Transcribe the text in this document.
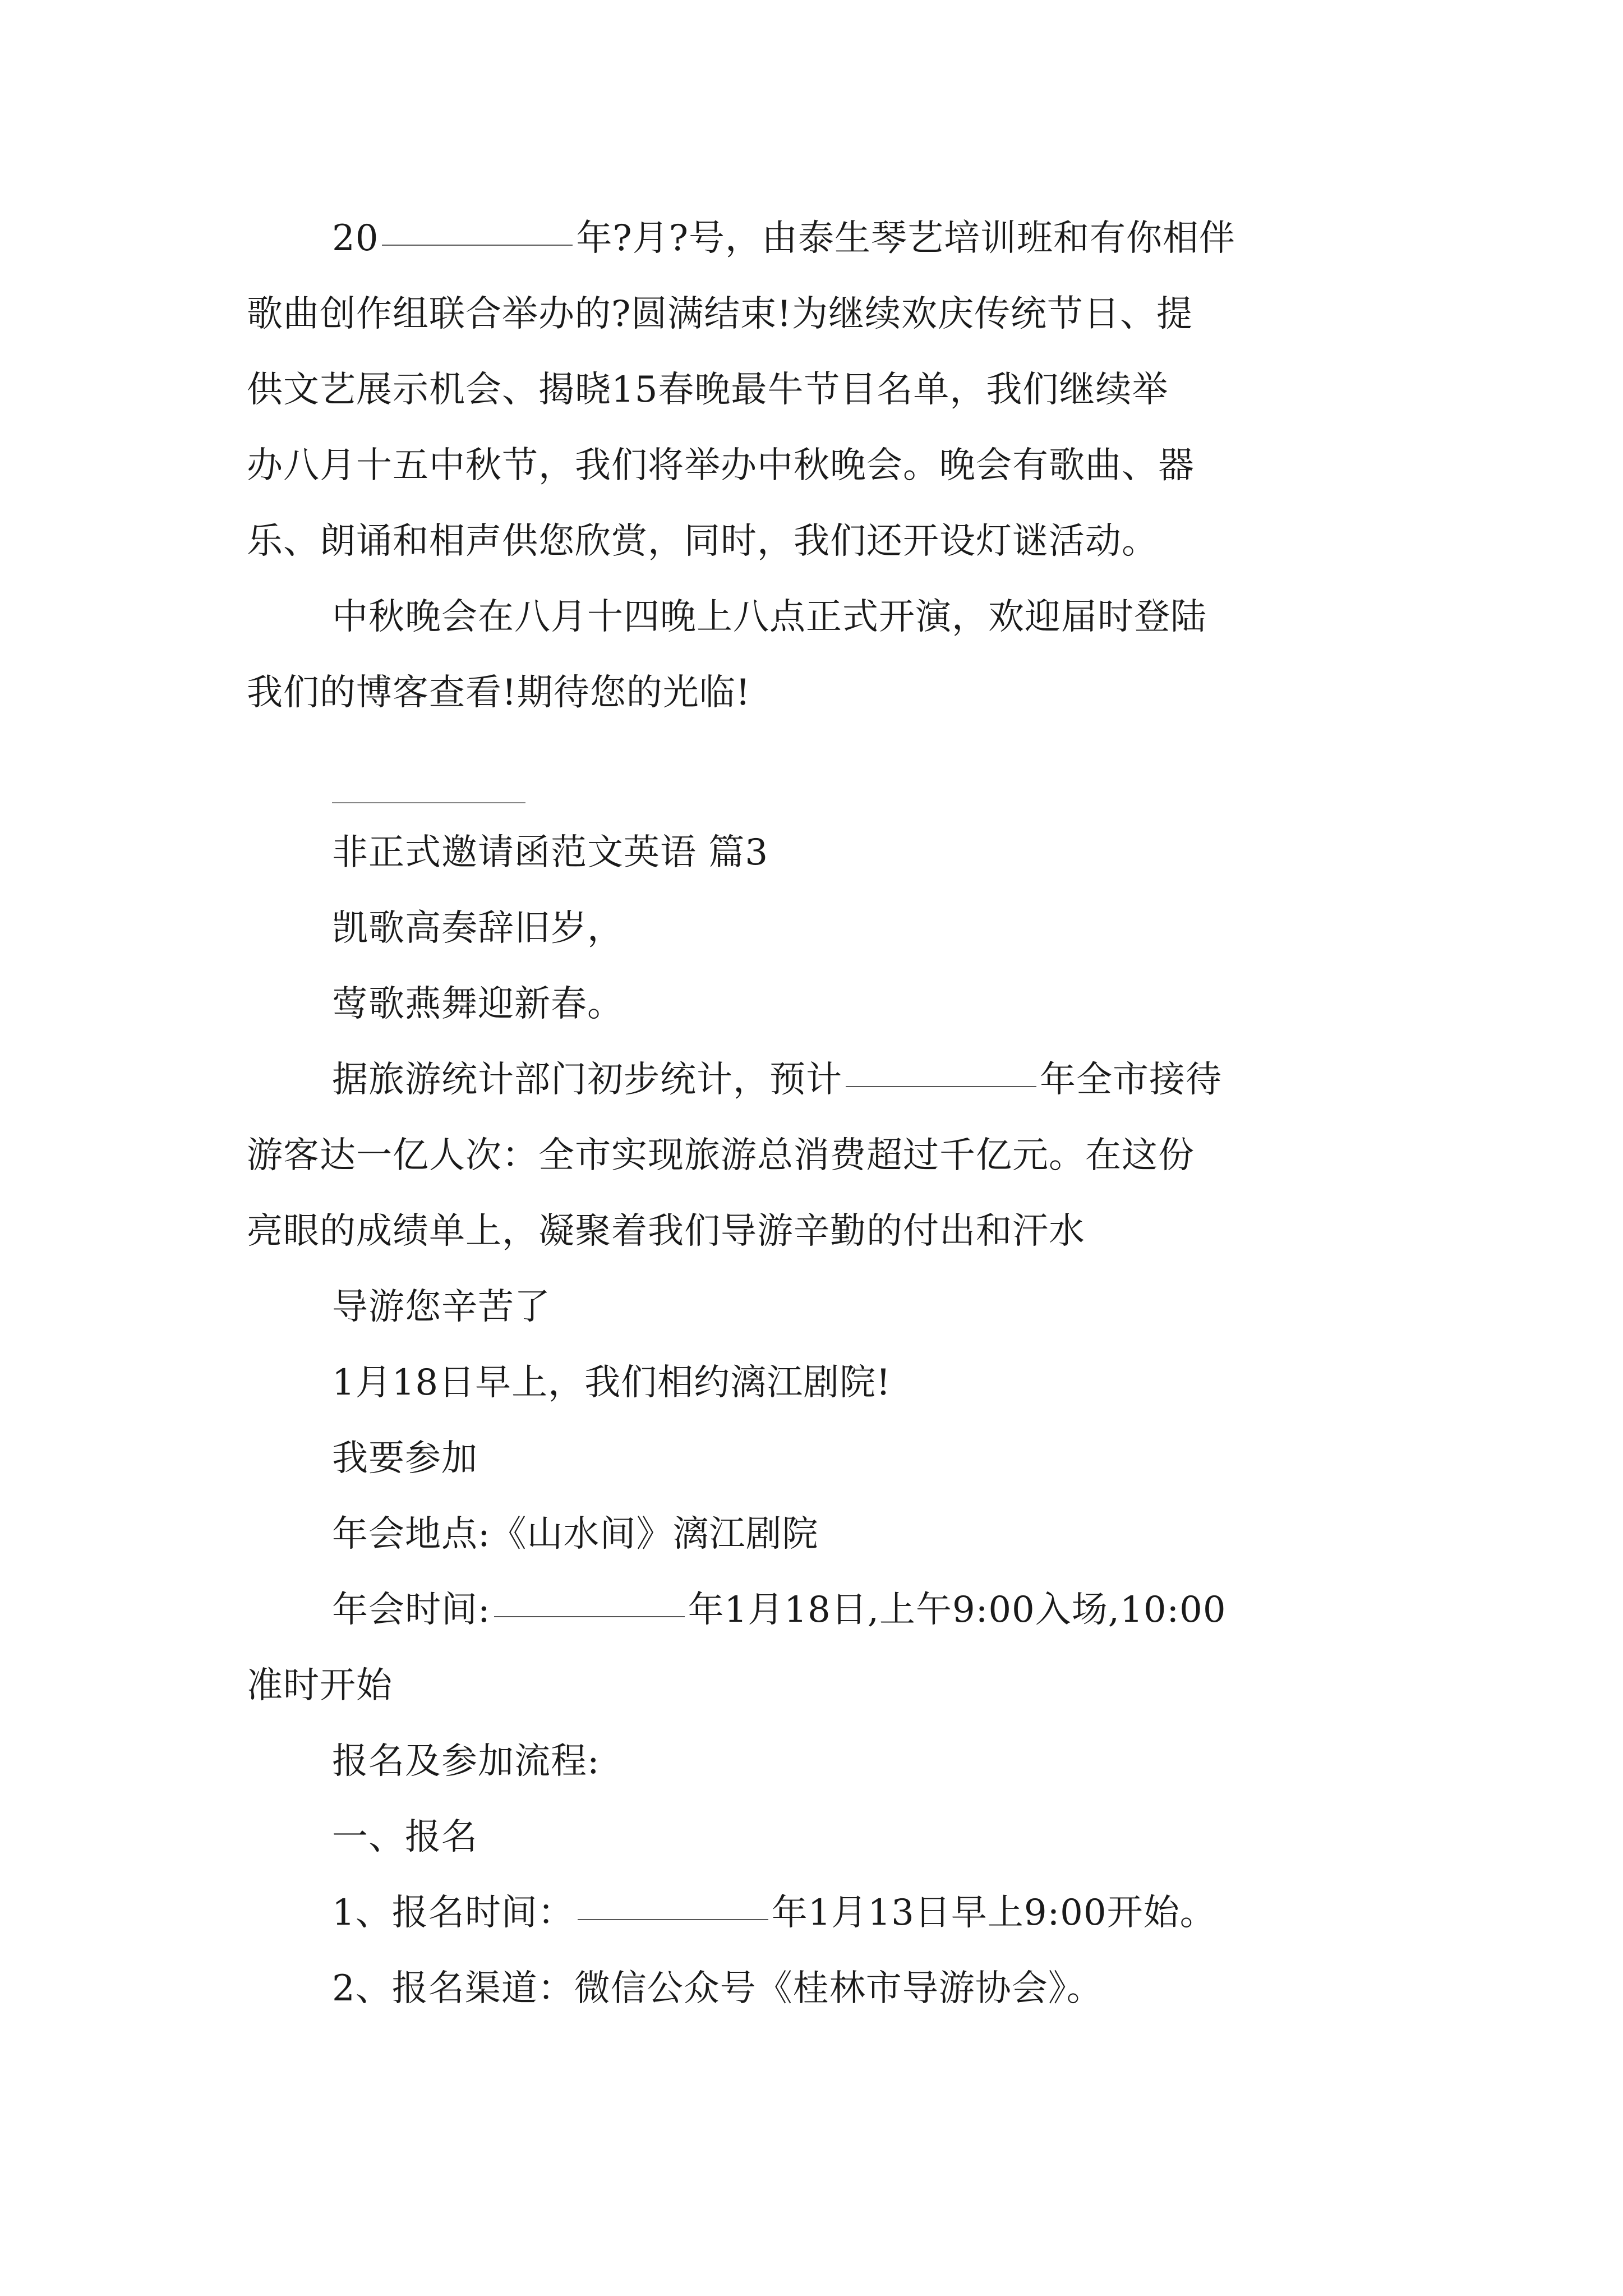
20	年?月?号，由泰生琴艺培训班和有你相伴
歌曲创作组联合举办的?圆满结束!为继续欢庆传统节日、提
供文艺展示机会、揭晓15春晚最牛节目名单，我们继续举
办八月十五中秋节，我们将举办中秋晚会。晚会有歌曲、器
乐、朗诵和相声供您欣赏，同时，我们还开设灯谜活动。
中秋晚会在八月十四晚上八点正式开演，欢迎届时登陆
我们的博客查看!期待您的光临!
非正式邀请函范文英语 篇3
凯歌高奏辞旧岁，
莺歌燕舞迎新春。
据旅游统计部门初步统计，预计	年全市接待
游客达一亿人次：全市实现旅游总消费超过千亿元。在这份
亮眼的成绩单上，凝聚着我们导游辛勤的付出和汗水
导游您辛苦了
1月18日早上，我们相约漓江剧院!
我要参加
年会地点:《山水间》漓江剧院
年会时间:	年1月18日,上午9:00入场,10:00
准时开始
报名及参加流程:
一、报名
1、报名时间：	年1月13日早上9:00开始。
2、报名渠道：微信公众号《桂林市导游协会》。
